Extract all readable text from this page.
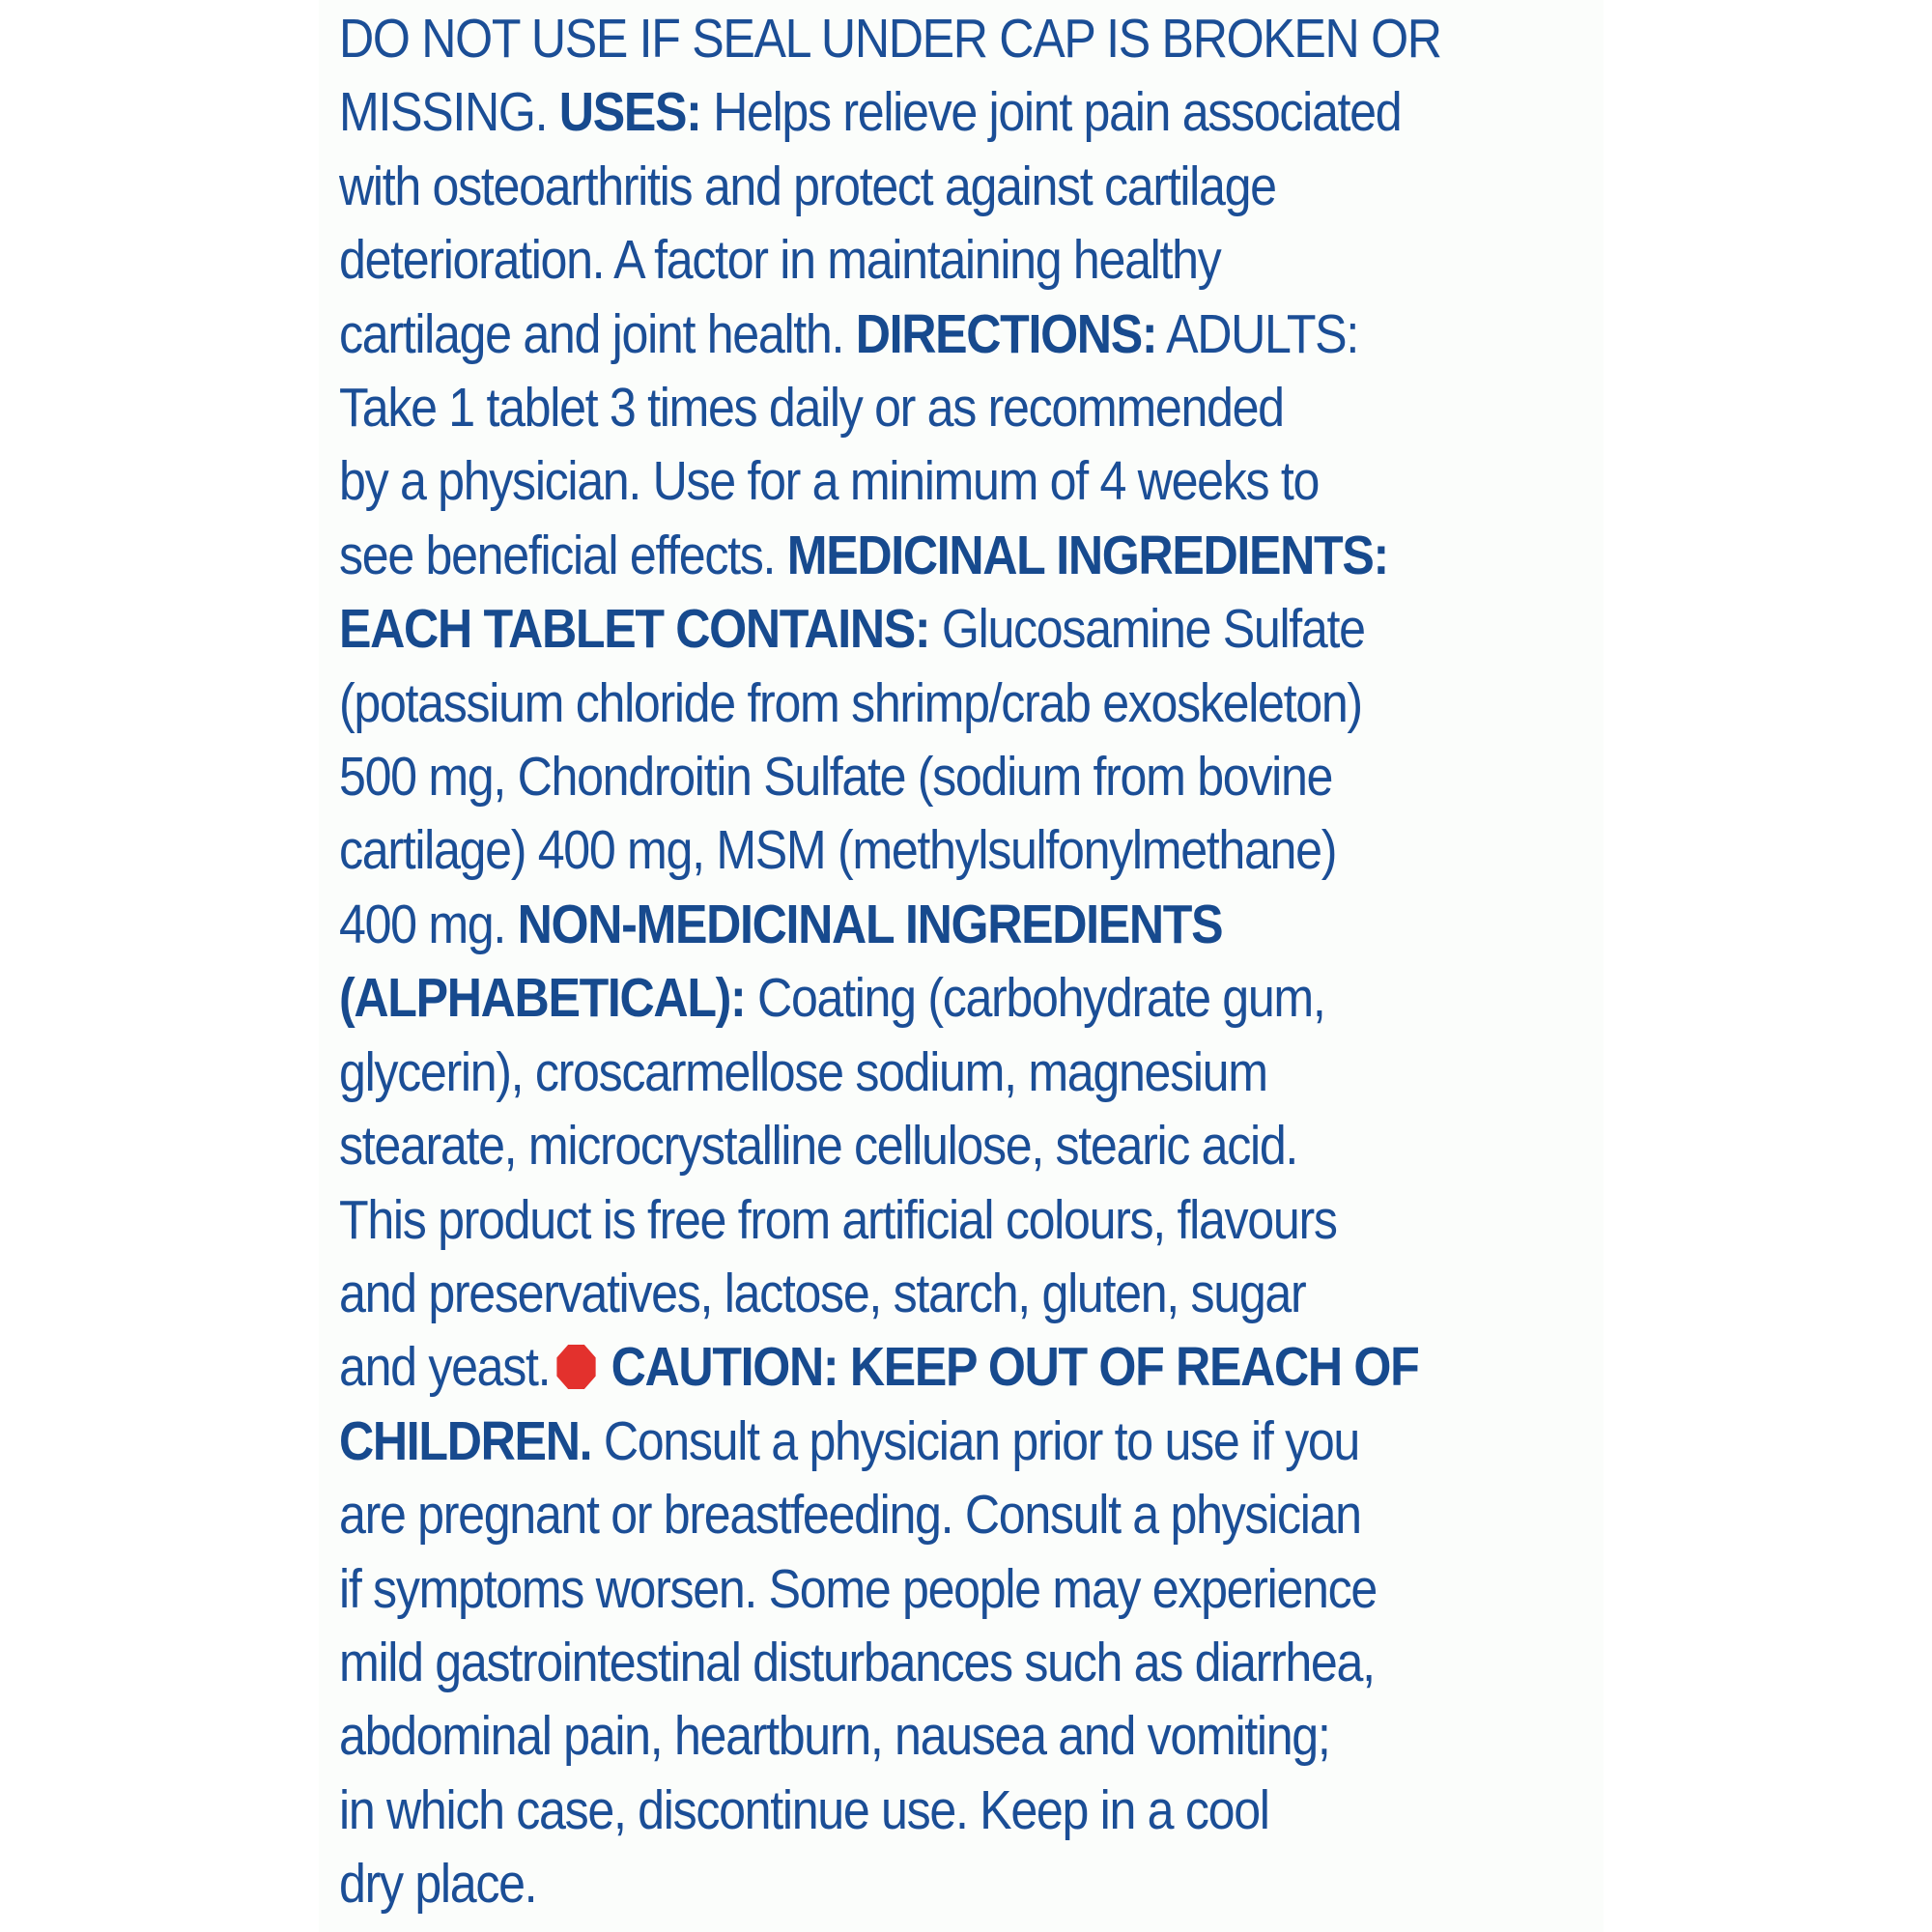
DO NOT USE IF SEAL UNDER CAP IS BROKEN OR
MISSING. USES: Helps relieve joint pain associated
with osteoarthritis and protect against cartilage
deterioration. A factor in maintaining healthy
cartilage and joint health. DIRECTIONS: ADULTS:
Take 1 tablet 3 times daily or as recommended
by a physician. Use for a minimum of 4 weeks to
see beneficial effects. MEDICINAL INGREDIENTS:
EACH TABLET CONTAINS: Glucosamine Sulfate
(potassium chloride from shrimp/crab exoskeleton)
500 mg, Chondroitin Sulfate (sodium from bovine
cartilage) 400 mg, MSM (methylsulfonylmethane)
400 mg. NON-MEDICINAL INGREDIENTS
(ALPHABETICAL): Coating (carbohydrate gum,
glycerin), croscarmellose sodium, magnesium
stearate, microcrystalline cellulose, stearic acid.
This product is free from artificial colours, flavours
and preservatives, lactose, starch, gluten, sugar
and yeast. CAUTION: KEEP OUT OF REACH OF
CHILDREN. Consult a physician prior to use if you
are pregnant or breastfeeding. Consult a physician
if symptoms worsen. Some people may experience
mild gastrointestinal disturbances such as diarrhea,
abdominal pain, heartburn, nausea and vomiting;
in which case, discontinue use. Keep in a cool
dry place.
